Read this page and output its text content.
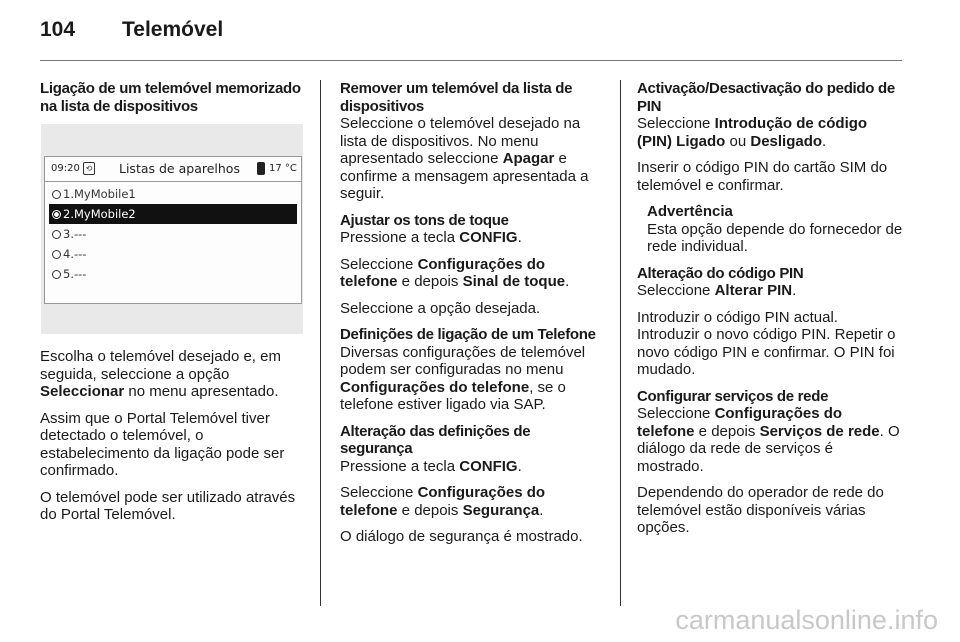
104 Telemóvel

Ligação de um telemóvel memorizado na lista de dispositivos

09:20 ⟲ Listas de aparelhos	17 °C
1.MyMobile1
2.MyMobile2
3.---
4.---
5.---

Escolha o telemóvel desejado e, em seguida, seleccione a opção Seleccionar no menu apresentado.

Assim que o Portal Telemóvel tiver detectado o telemóvel, o estabelecimento da ligação pode ser confirmado.

O telemóvel pode ser utilizado através do Portal Telemóvel.

Remover um telemóvel da lista de dispositivos

Seleccione o telemóvel desejado na lista de dispositivos. No menu apresentado seleccione Apagar e confirme a mensagem apresentada a seguir.

Ajustar os tons de toque

Pressione a tecla CONFIG.

Seleccione Configurações do telefone e depois Sinal de toque.

Seleccione a opção desejada.

Definições de ligação de um Telefone

Diversas configurações de telemóvel podem ser configuradas no menu Configurações do telefone, se o telefone estiver ligado via SAP.

Alteração das definições de segurança

Pressione a tecla CONFIG.

Seleccione Configurações do telefone e depois Segurança.

O diálogo de segurança é mostrado.

Activação/Desactivação do pedido de PIN

Seleccione Introdução de código (PIN) Ligado ou Desligado.

Inserir o código PIN do cartão SIM do telemóvel e confirmar.

Advertência
Esta opção depende do fornecedor de rede individual.

Alteração do código PIN

Seleccione Alterar PIN.

Introduzir o código PIN actual. Introduzir o novo código PIN. Repetir o novo código PIN e confirmar. O PIN foi mudado.

Configurar serviços de rede

Seleccione Configurações do telefone e depois Serviços de rede. O diálogo da rede de serviços é mostrado.

Dependendo do operador de rede do telemóvel estão disponíveis várias opções.

carmanualsonline.info
